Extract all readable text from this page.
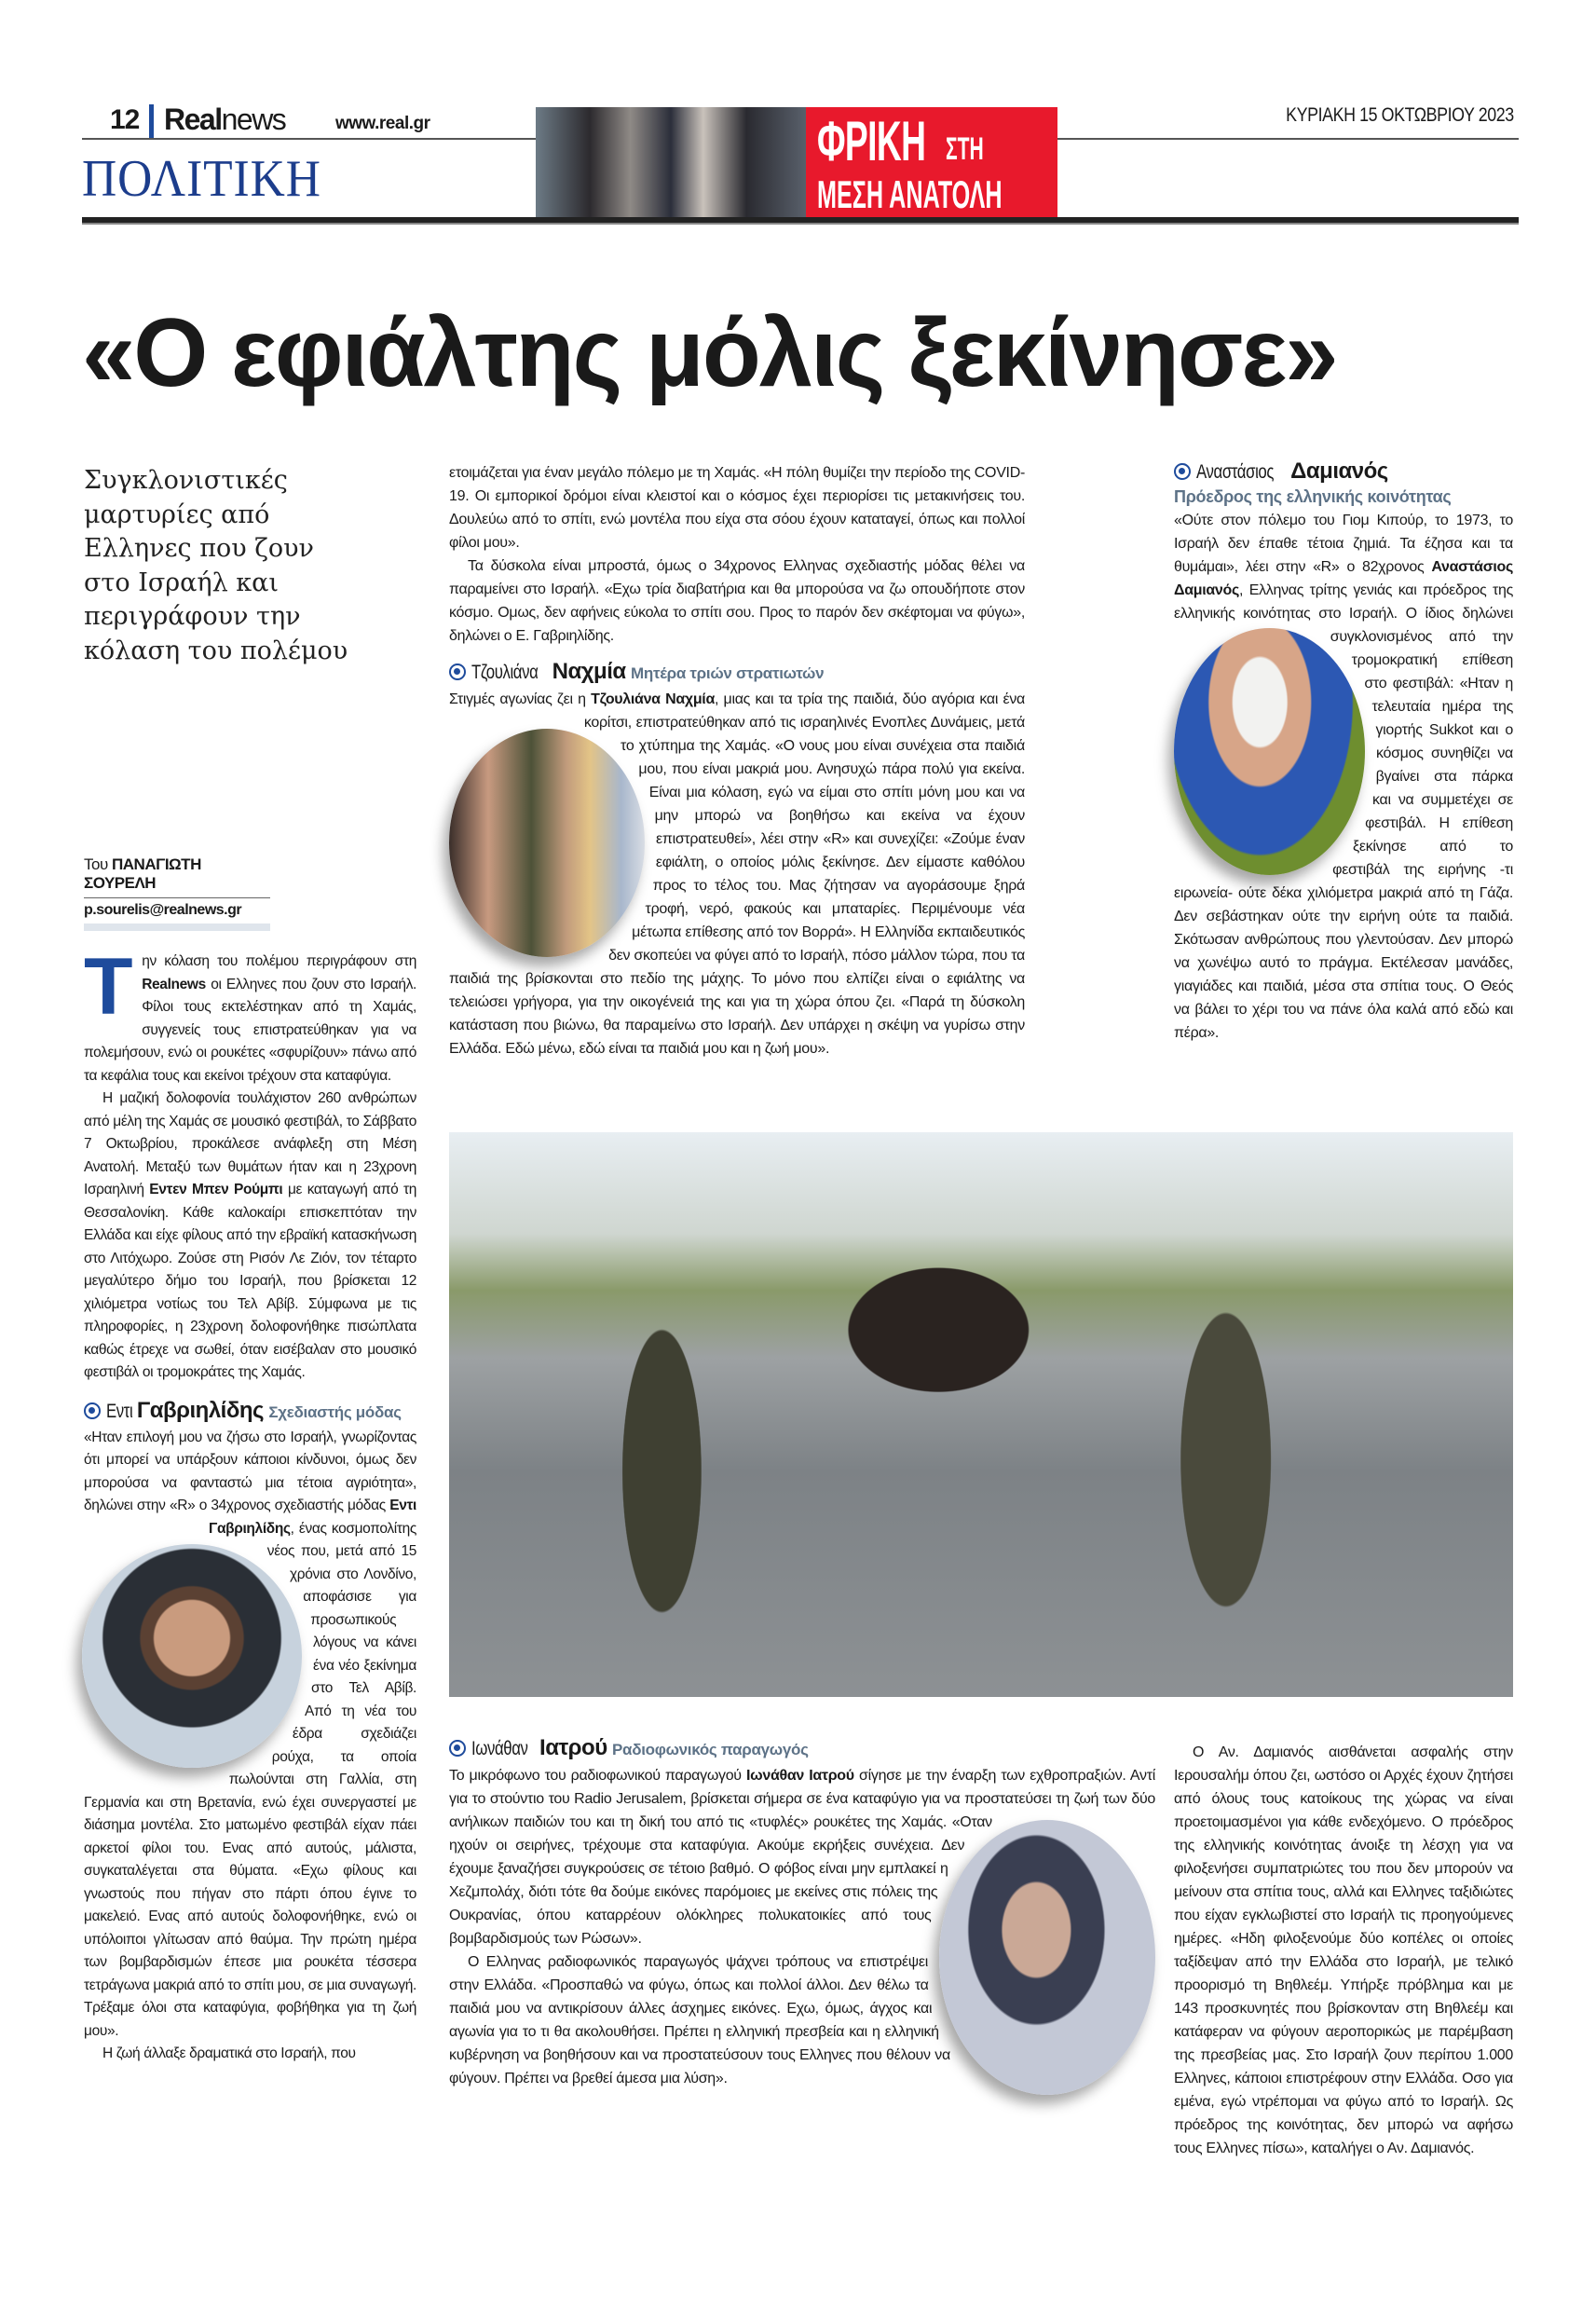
12 Realnews	www.real.gr
ΠΟΛΙΤΙΚΗ
ΦΡΙΚΗ ΣΤΗ
ΜΕΣΗ ΑΝΑΤΟΛΗ
ΚΥΡΙΑΚΗ 15 ΟΚΤΩΒΡΙΟΥ 2023
«Ο εφιάλτης μόλις ξεκίνησε»
Συγκλονιστικές μαρτυρίες από Ελληνες που ζουν στο Ισραήλ και περιγράφουν την κόλαση του πολέμου
Του ΠΑΝΑΓΙΩΤΗ ΣΟΥΡΕΛΗ
p.sourelis@realnews.gr

Την κόλαση του πολέμου περιγράφουν στη Realnews οι Ελληνες που ζουν στο Ισραήλ. Φίλοι τους εκτελέστηκαν από τη Χαμάς, συγγενείς τους επιστρατεύθηκαν για να πολεμήσουν, ενώ οι ρουκέτες «σφυρίζουν» πάνω από τα κεφάλια τους και εκείνοι τρέχουν στα καταφύγια.

Η μαζική δολοφονία τουλάχιστον 260 ανθρώπων από μέλη της Χαμάς σε μουσικό φεστιβάλ, το Σάββατο 7 Οκτωβρίου, προκάλεσε ανάφλεξη στη Μέση Ανατολή. Μεταξύ των θυμάτων ήταν και η 23χρονη Ισραηλινή Εντεν Μπεν Ρούμπι με καταγωγή από τη Θεσσαλονίκη. Κάθε καλοκαίρι επισκεπτόταν την Ελλάδα και είχε φίλους από την εβραϊκή κατασκήνωση στο Λιτόχωρο. Ζούσε στη Ρισόν Λε Ζιόν, τον τέταρτο μεγαλύτερο δήμο του Ισραήλ, που βρίσκεται 12 χιλιόμετρα νοτίως του Τελ Αβίβ. Σύμφωνα με τις πληροφορίες, η 23χρονη δολοφονήθηκε πισώπλατα καθώς έτρεχε να σωθεί, όταν εισέβαλαν στο μουσικό φεστιβάλ οι τρομοκράτες της Χαμάς.

Εντι Γαβριηλίδης Σχεδιαστής μόδας

«Ηταν επιλογή μου να ζήσω στο Ισραήλ, γνωρίζοντας ότι μπορεί να υπάρξουν κάποιοι κίνδυνοι, όμως δεν μπορούσα να φανταστώ μια τέτοια αγριότητα», δηλώνει στην «R» ο 34χρονος σχεδιαστής μόδας Εντι Γαβριηλίδης, ένας κοσμοπολίτης νέος που, μετά από 15 χρόνια στο Λονδίνο, αποφάσισε για προσωπικούς λόγους να κάνει ένα νέο ξεκίνημα στο Τελ Αβίβ. Από τη νέα του έδρα σχεδιάζει ρούχα, τα οποία πωλούνται στη Γαλλία, στη Γερμανία και στη Βρετανία, ενώ έχει συνεργαστεί με διάσημα μοντέλα. Στο ματωμένο φεστιβάλ είχαν πάει αρκετοί φίλοι του. Ενας από αυτούς, μάλιστα, συγκαταλέγεται στα θύματα. «Εχω φίλους και γνωστούς που πήγαν στο πάρτι όπου έγινε το μακελειό. Ενας από αυτούς δολοφονήθηκε, ενώ οι υπόλοιποι γλίτωσαν από θαύμα. Την πρώτη ημέρα των βομβαρδισμών έπεσε μια ρουκέτα τέσσερα τετράγωνα μακριά από το σπίτι μου, σε μια συναγωγή. Τρέξαμε όλοι στα καταφύγια, φοβήθηκα για τη ζωή μου».

Η ζωή άλλαξε δραματικά στο Ισραήλ, που

ετοιμάζεται για έναν μεγάλο πόλεμο με τη Χαμάς. «Η πόλη θυμίζει την περίοδο της COVID-19. Οι εμπορικοί δρόμοι είναι κλειστοί και ο κόσμος έχει περιορίσει τις μετακινήσεις του. Δουλεύω από το σπίτι, ενώ μοντέλα που είχα στα σόου έχουν καταταγεί, όπως και πολλοί φίλοι μου».

Τα δύσκολα είναι μπροστά, όμως ο 34χρονος Ελληνας σχεδιαστής μόδας θέλει να παραμείνει στο Ισραήλ. «Εχω τρία διαβατήρια και θα μπορούσα να ζω οπουδήποτε στον κόσμο. Ομως, δεν αφήνεις εύκολα το σπίτι σου. Προς το παρόν δεν σκέφτομαι να φύγω», δηλώνει ο Ε. Γαβριηλίδης.

Τζουλιάνα Ναχμία Μητέρα τριών στρατιωτών

Στιγμές αγωνίας ζει η Τζουλιάνα Ναχμία, μιας και τα τρία της παιδιά, δύο αγόρια και ένα κορίτσι, επιστρατεύθηκαν από τις ισραηλινές Ενοπλες Δυνάμεις, μετά το χτύπημα της Χαμάς. «Ο νους μου είναι συνέχεια στα παιδιά μου, που είναι μακριά μου. Ανησυχώ πάρα πολύ για εκείνα. Είναι μια κόλαση, εγώ να είμαι στο σπίτι μόνη μου και να μην μπορώ να βοηθήσω και εκείνα να έχουν επιστρατευθεί», λέει στην «R» και συνεχίζει: «Ζούμε έναν εφιάλτη, ο οποίος μόλις ξεκίνησε. Δεν είμαστε καθόλου προς το τέλος του. Μας ζήτησαν να αγοράσουμε ξηρά τροφή, νερό, φακούς και μπαταρίες. Περιμένουμε νέα μέτωπα επίθεσης από τον Βορρά». Η Ελληνίδα εκπαιδευτικός δεν σκοπεύει να φύγει από το Ισραήλ, πόσο μάλλον τώρα, που τα παιδιά της βρίσκονται στο πεδίο της μάχης. Το μόνο που ελπίζει είναι ο εφιάλτης να τελειώσει γρήγορα, για την οικογένειά της και για τη χώρα όπου ζει. «Παρά τη δύσκολη κατάσταση που βιώνω, θα παραμείνω στο Ισραήλ. Δεν υπάρχει η σκέψη να γυρίσω στην Ελλάδα. Εδώ μένω, εδώ είναι τα παιδιά μου και η ζωή μου».

Αναστάσιος Δαμιανός
Πρόεδρος της ελληνικής κοινότητας

«Ούτε στον πόλεμο του Γιομ Κιπούρ, το 1973, το Ισραήλ δεν έπαθε τέτοια ζημιά. Τα έζησα και τα θυμάμαι», λέει στην «R» ο 82χρονος Αναστάσιος Δαμιανός, Ελληνας τρίτης γενιάς και πρόεδρος της ελληνικής κοινότητας στο Ισραήλ. Ο ίδιος δηλώνει συγκλονισμένος από την τρομοκρατική επίθεση στο φεστιβάλ: «Ηταν η τελευταία ημέρα της γιορτής Sukkot και ο κόσμος συνηθίζει να βγαίνει στα πάρκα και να συμμετέχει σε φεστιβάλ. Η επίθεση ξεκίνησε από το φεστιβάλ της ειρήνης -τι ειρωνεία- ούτε δέκα χιλιόμετρα μακριά από τη Γάζα. Δεν σεβάστηκαν ούτε την ειρήνη ούτε τα παιδιά. Σκότωσαν ανθρώπους που γλεντούσαν. Δεν μπορώ να χωνέψω αυτό το πράγμα. Εκτέλεσαν μανάδες, γιαγιάδες και παιδιά, μέσα στα σπίτια τους. Ο Θεός να βάλει το χέρι του να πάνε όλα καλά από εδώ και πέρα».

Ιωνάθαν Ιατρού Ραδιοφωνικός παραγωγός

Το μικρόφωνο του ραδιοφωνικού παραγωγού Ιωνάθαν Ιατρού σίγησε με την έναρξη των εχθροπραξιών. Αντί για το στούντιο του Radio Jerusalem, βρίσκεται σήμερα σε ένα καταφύγιο για να προστατεύσει τη ζωή των δύο ανήλικων παιδιών του και τη δική του από τις «τυφλές» ρουκέτες της Χαμάς. «Οταν ηχούν οι σειρήνες, τρέχουμε στα καταφύγια. Ακούμε εκρήξεις συνέχεια. Δεν έχουμε ξαναζήσει συγκρούσεις σε τέτοιο βαθμό. Ο φόβος είναι μην εμπλακεί η Χεζμπολάχ, διότι τότε θα δούμε εικόνες παρόμοιες με εκείνες στις πόλεις της Ουκρανίας, όπου καταρρέουν ολόκληρες πολυκατοικίες από τους βομβαρδισμούς των Ρώσων».

Ο Ελληνας ραδιοφωνικός παραγωγός ψάχνει τρόπους να επιστρέψει στην Ελλάδα. «Προσπαθώ να φύγω, όπως και πολλοί άλλοι. Δεν θέλω τα παιδιά μου να αντικρίσουν άλλες άσχημες εικόνες. Εχω, όμως, άγχος και αγωνία για το τι θα ακολουθήσει. Πρέπει η ελληνική πρεσβεία και η ελληνική κυβέρνηση να βοηθήσουν και να προστατεύσουν τους Ελληνες που θέλουν να φύγουν. Πρέπει να βρεθεί άμεσα μια λύση».

Ο Αν. Δαμιανός αισθάνεται ασφαλής στην Ιερουσαλήμ όπου ζει, ωστόσο οι Αρχές έχουν ζητήσει από όλους τους κατοίκους της χώρας να είναι προετοιμασμένοι για κάθε ενδεχόμενο. Ο πρόεδρος της ελληνικής κοινότητας άνοιξε τη λέσχη για να φιλοξενήσει συμπατριώτες του που δεν μπορούν να μείνουν στα σπίτια τους, αλλά και Ελληνες ταξιδιώτες που είχαν εγκλωβιστεί στο Ισραήλ τις προηγούμενες ημέρες. «Ηδη φιλοξενούμε δύο κοπέλες οι οποίες ταξίδεψαν από την Ελλάδα στο Ισραήλ, με τελικό προορισμό τη Βηθλεέμ. Υπήρξε πρόβλημα και με 143 προσκυνητές που βρίσκονταν στη Βηθλεέμ και κατάφεραν να φύγουν αεροπορικώς με παρέμβαση της πρεσβείας μας. Στο Ισραήλ ζουν περίπου 1.000 Ελληνες, κάποιοι επιστρέφουν στην Ελλάδα. Οσο για εμένα, εγώ ντρέπομαι να φύγω από το Ισραήλ. Ως πρόεδρος της κοινότητας, δεν μπορώ να αφήσω τους Ελληνες πίσω», καταλήγει ο Αν. Δαμιανός.
